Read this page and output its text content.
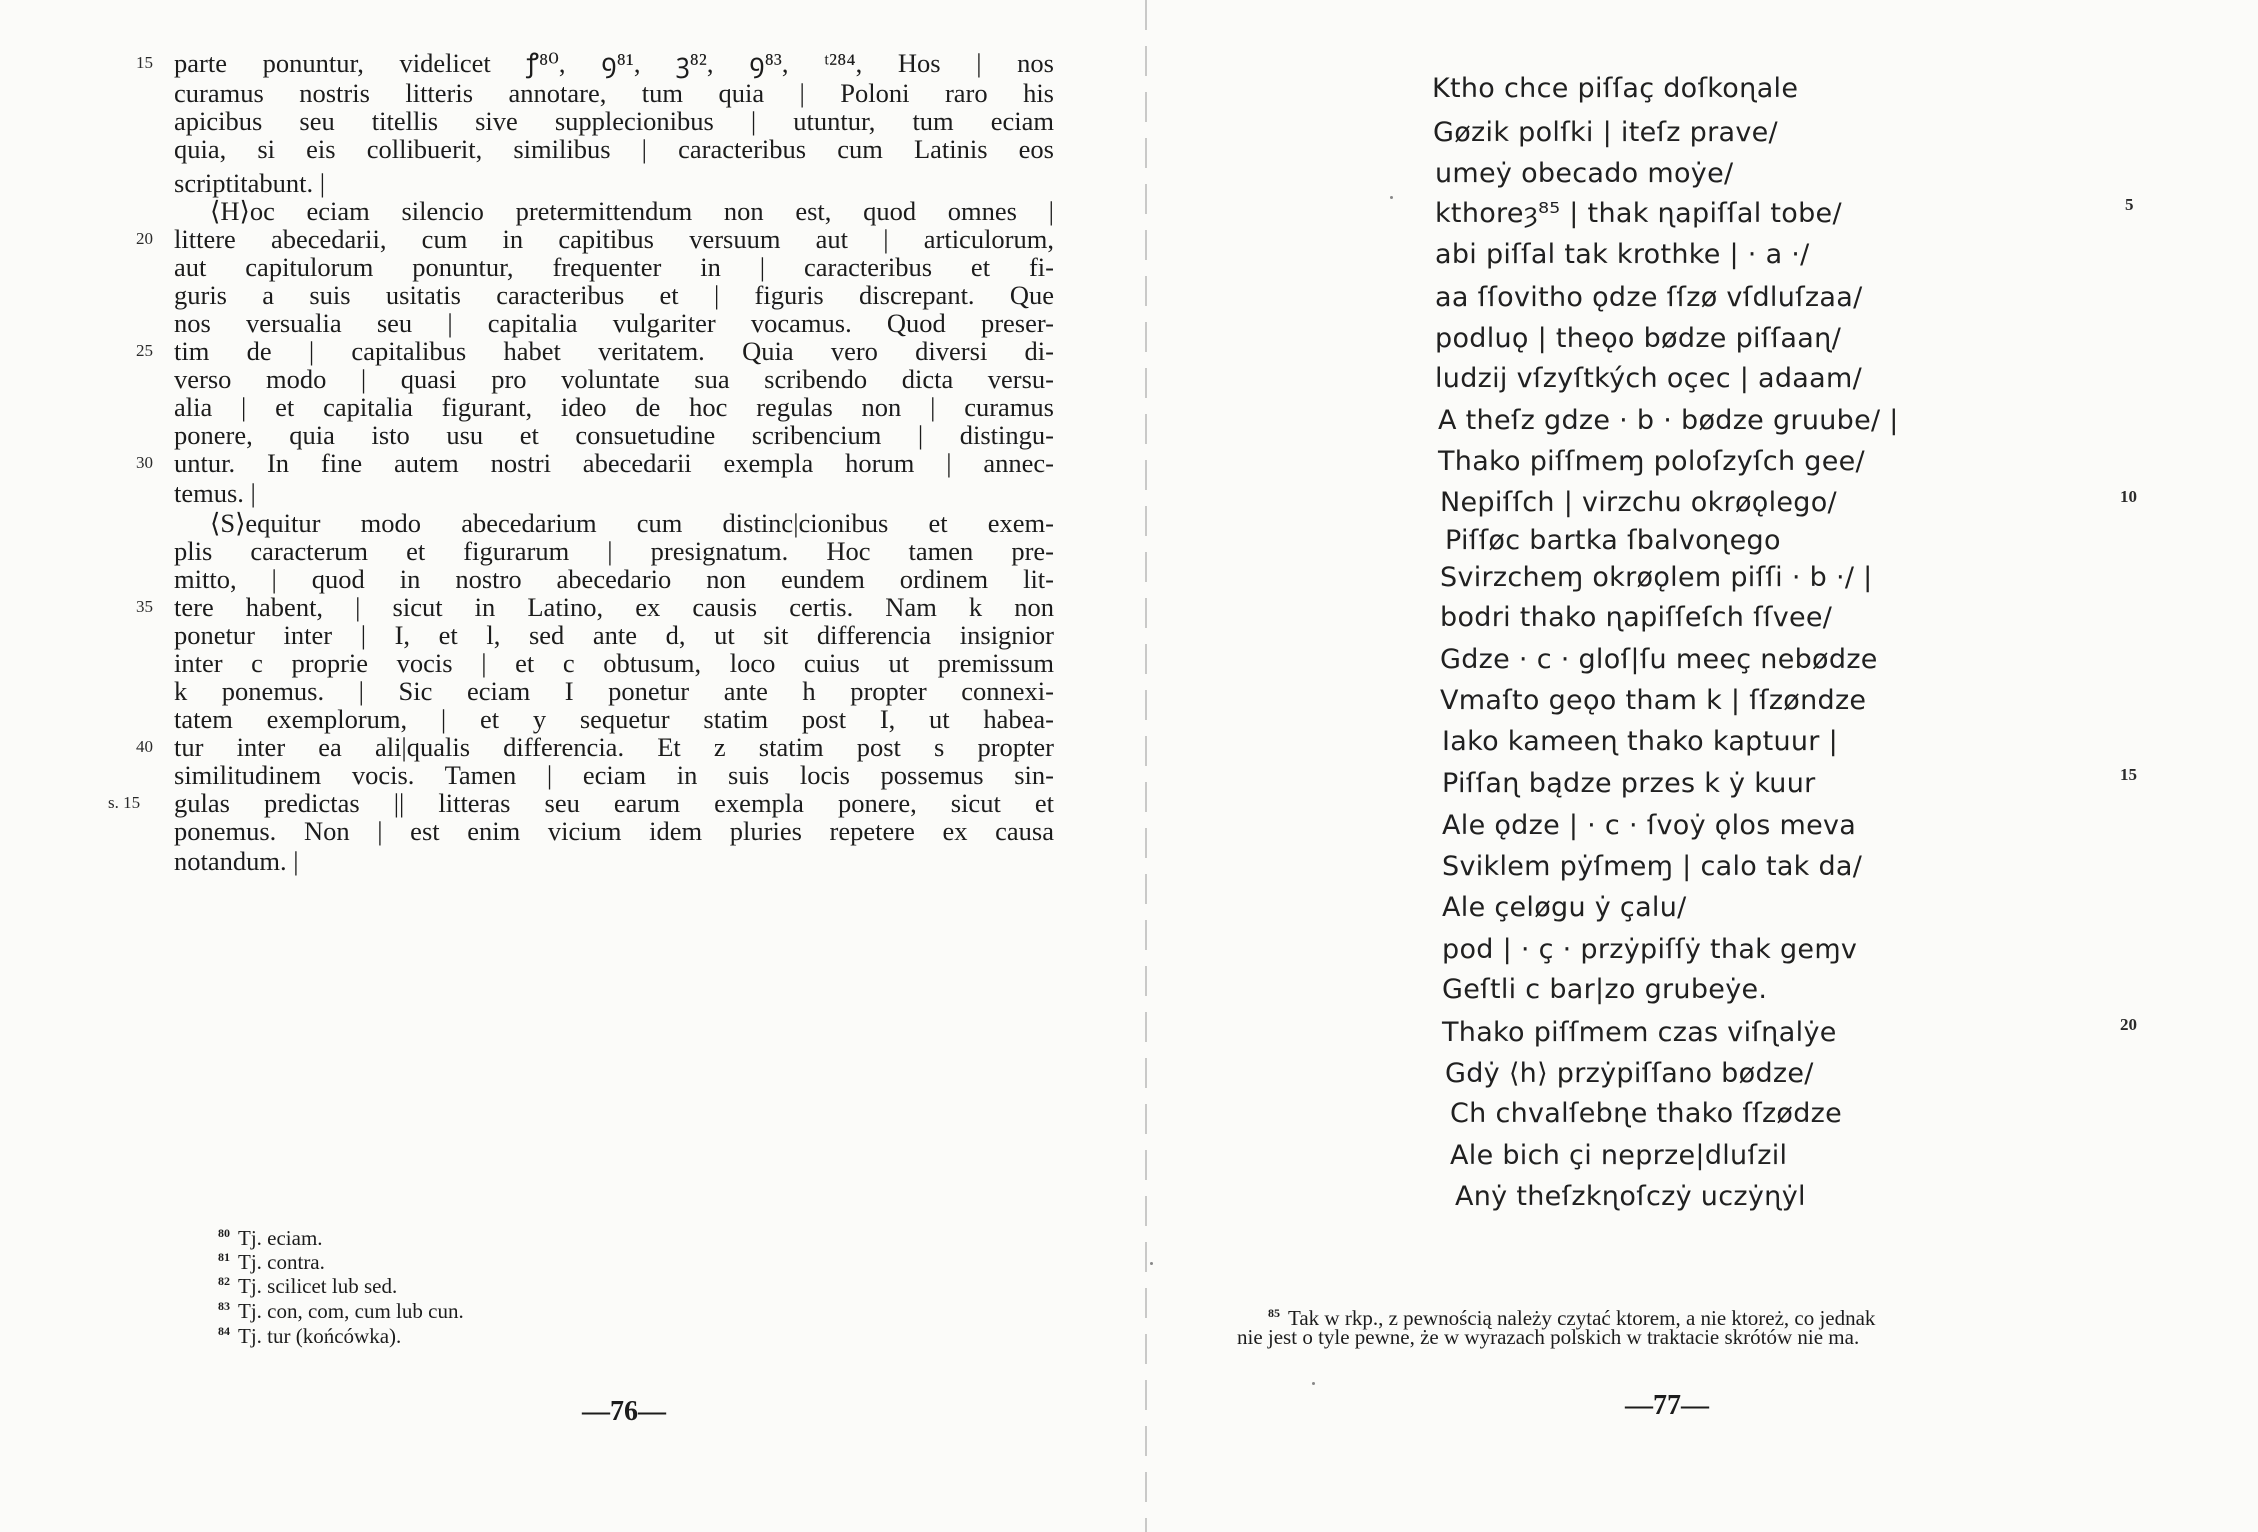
parte ponuntur, videlicet ꝭ⁸⁰, ꝯ⁸¹, ꝫ⁸², ꝯ⁸³, ᵗ²⁸⁴, Hos | nos
15
curamus nostris litteris annotare, tum quia | Poloni raro his
apicibus seu titellis sive supplecionibus | utuntur, tum eciam
quia, si eis collibuerit, similibus | caracteribus cum Latinis eos
scriptitabunt. |
⟨H⟩oc eciam silencio pretermittendum non est, quod omnes |
littere abecedarii, cum in capitibus versuum aut | articulorum,
20
aut capitulorum ponuntur, frequenter in | caracteribus et fi-
guris a suis usitatis caracteribus et | figuris discrepant. Que
nos versualia seu | capitalia vulgariter vocamus. Quod preser-
tim de | capitalibus habet veritatem. Quia vero diversi di-
25
verso modo | quasi pro voluntate sua scribendo dicta versu-
alia | et capitalia figurant, ideo de hoc regulas non | curamus
ponere, quia isto usu et consuetudine scribencium | distingu-
untur. In fine autem nostri abecedarii exempla horum | annec-
30
temus. |
⟨S⟩equitur modo abecedarium cum distinc|cionibus et exem-
plis caracterum et figurarum | presignatum. Hoc tamen pre-
mitto, | quod in nostro abecedario non eundem ordinem lit-
tere habent, | sicut in Latino, ex causis certis. Nam k non
35
ponetur inter | I, et l, sed ante d, ut sit differencia insignior
inter c proprie vocis | et c obtusum, loco cuius ut premissum
k ponemus. | Sic eciam I ponetur ante h propter connexi-
tatem exemplorum, | et y sequetur statim post I, ut habea-
tur inter ea ali|qualis differencia. Et z statim post s propter
40
similitudinem vocis. Tamen | eciam in suis locis possemus sin-
gulas predictas || litteras seu earum exempla ponere, sicut et
s. 15
ponemus. Non | est enim vicium idem pluries repetere ex causa
notandum. |
$^{80}$ Tj. eciam.
$^{81}$ Tj. contra.
$^{82}$ Tj. scilicet lub sed.
$^{83}$ Tj. con, com, cum lub cun.
$^{84}$ Tj. tur (końcówka).
—76—
Ktho chce piſſaç doſkoɳale
Gøzik polſki | iteſz prave/
umeẏ obecado moẏe/
kthoreȝ⁸⁵ | thak ɳapiſſal tobe/
abi piſſal tak krothke | · a ·/
aa ſſovitho ǫdze ſſzø vſdluſzaa/
podluǫ | theǫo bødze piſſaaɳ/
ludzij vſzyſtkých oçec | adaam/
A theſz gdze · b · bødze gruube/ |
Thako piſſmeɱ poloſzyſch gee/
Nepiſſch | virzchu okrøǫlego/
Piſſøc bartka ſbalvoɳego
Svirzcheɱ okrøǫlem piſſi · b ·/ |
bodri thako ɳapiſſeſch ſſvee/
Gdze · c · gloſ|ſu meeç nebødze
Vmaſto geǫo tham k | ſſzøndze
Iako kameeɳ thako kaptuur |
Piſſaɳ bądze przes k ẏ kuur
Ale ǫdze | · c · ſvoẏ ǫlos meva
Sviklem pẏſmeɱ | calo tak da/
Ale çeløgu ẏ çalu/
pod | · ç · przẏpiſſẏ thak geɱv
Geſtli c bar|zo grubeẏe.
Thako piſſmem czas viſɳalẏe
Gdẏ ⟨h⟩ przẏpiſſano bødze/
Ch chvalſebɳe thako ſſzødze
Ale bich çi neprze|dluſzil
Anẏ theſzkɳoſczẏ uczẏɳẏl
5
10
15
20
$^{85}$ Tak w rkp., z pewnością należy czytać ktorem, a nie ktoreż, co jednak
nie jest o tyle pewne, że w wyrazach polskich w traktacie skrótów nie ma.
—77—
